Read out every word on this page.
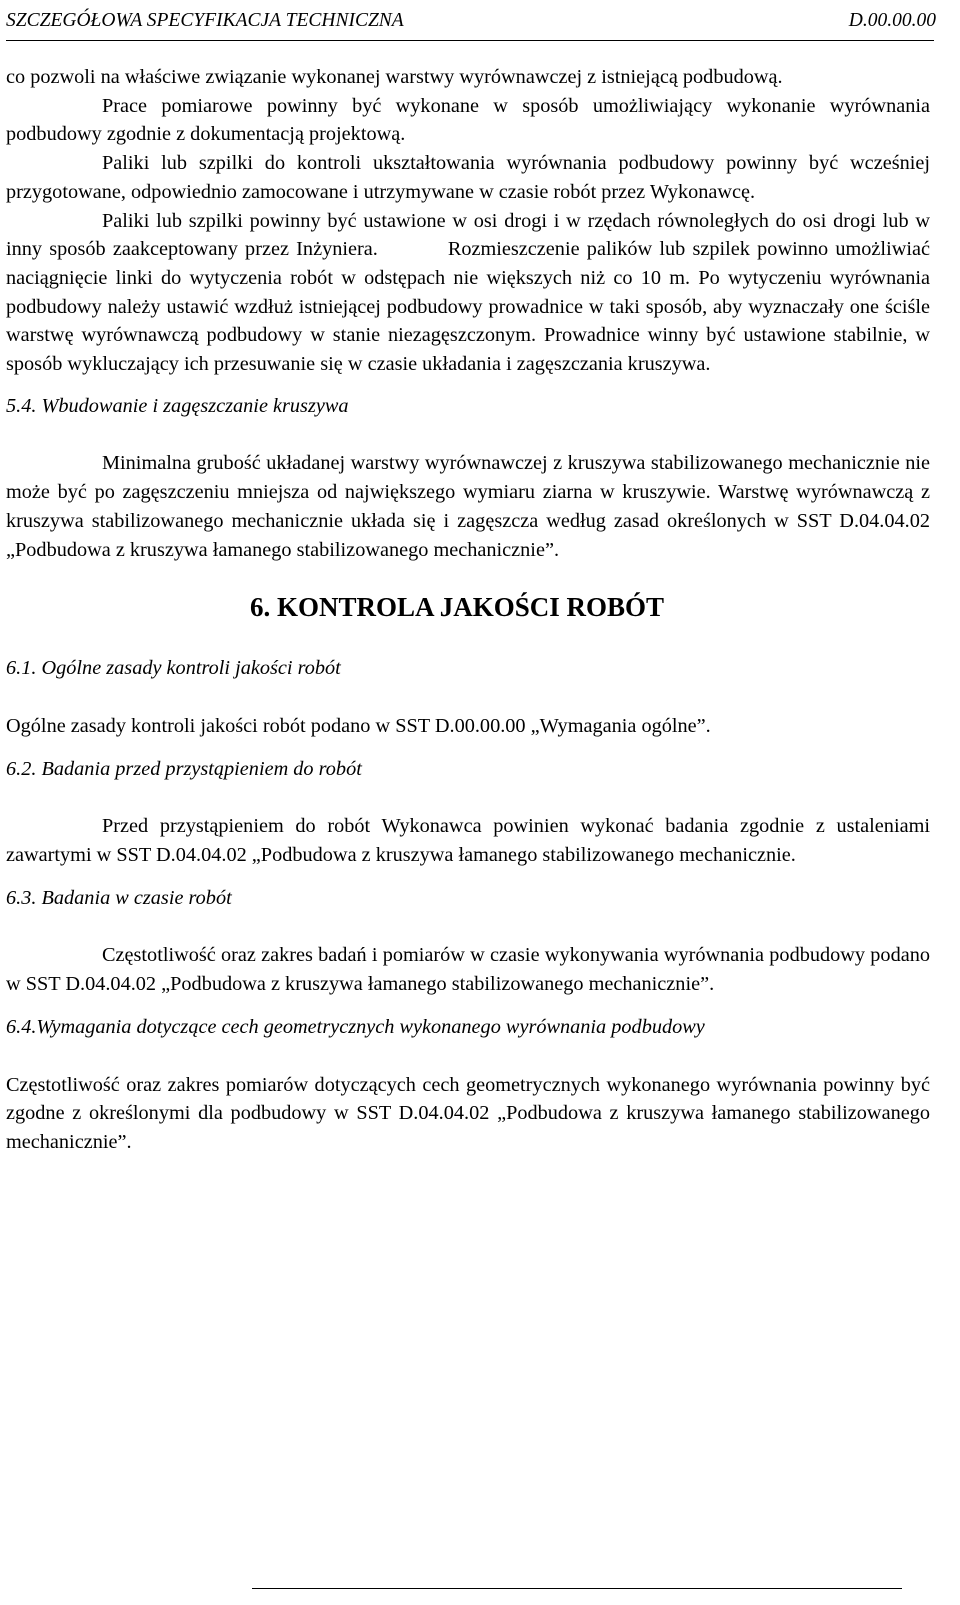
SZCZEGÓŁOWA SPECYFIKACJA TECHNICZNA	D.00.00.00

co pozwoli na właściwe związanie wykonanej warstwy wyrównawczej z istniejącą podbudową.

Prace pomiarowe powinny być wykonane w sposób umożliwiający wykonanie wyrównania podbudowy zgodnie z dokumentacją projektową.

Paliki lub szpilki do kontroli ukształtowania wyrównania podbudowy powinny być wcześniej przygotowane, odpowiednio zamocowane i utrzymywane w czasie robót przez Wykonawcę.

Paliki lub szpilki powinny być ustawione w osi drogi i w rzędach równoległych do osi drogi lub w inny sposób zaakceptowany przez Inżyniera.	Rozmieszczenie palików lub szpilek powinno umożliwiać naciągnięcie linki do wytyczenia robót w odstępach nie większych niż co 10 m. Po wytyczeniu wyrównania podbudowy należy ustawić wzdłuż istniejącej podbudowy prowadnice w taki sposób, aby wyznaczały one ściśle warstwę wyrównawczą podbudowy w stanie niezagęszczonym. Prowadnice winny być ustawione stabilnie, w sposób wykluczający ich przesuwanie się w czasie układania i zagęszczania kruszywa.

5.4. Wbudowanie i zagęszczanie kruszywa

Minimalna grubość układanej warstwy wyrównawczej z kruszywa stabilizowanego mechanicznie nie może być po zagęszczeniu mniejsza od największego wymiaru ziarna w kruszywie. Warstwę wyrównawczą z kruszywa stabilizowanego mechanicznie układa się i zagęszcza według zasad określonych w SST D.04.04.02 „Podbudowa z kruszywa łamanego stabilizowanego mechanicznie”.

6. KONTROLA JAKOŚCI ROBÓT

6.1. Ogólne zasady kontroli jakości robót

Ogólne zasady kontroli jakości robót podano w SST D.00.00.00 „Wymagania ogólne”.

6.2. Badania przed przystąpieniem do robót

Przed przystąpieniem do robót Wykonawca powinien wykonać badania zgodnie z ustaleniami zawartymi w SST D.04.04.02 „Podbudowa z kruszywa łamanego stabilizowanego mechanicznie.

6.3. Badania w czasie robót

Częstotliwość oraz zakres badań i pomiarów w czasie wykonywania wyrównania podbudowy podano w SST D.04.04.02 „Podbudowa z kruszywa łamanego stabilizowanego mechanicznie”.

6.4.Wymagania dotyczące cech geometrycznych wykonanego wyrównania podbudowy

Częstotliwość oraz zakres pomiarów dotyczących cech geometrycznych wykonanego wyrównania powinny być zgodne z określonymi dla podbudowy w SST D.04.04.02 „Podbudowa z kruszywa łamanego stabilizowanego mechanicznie”.
